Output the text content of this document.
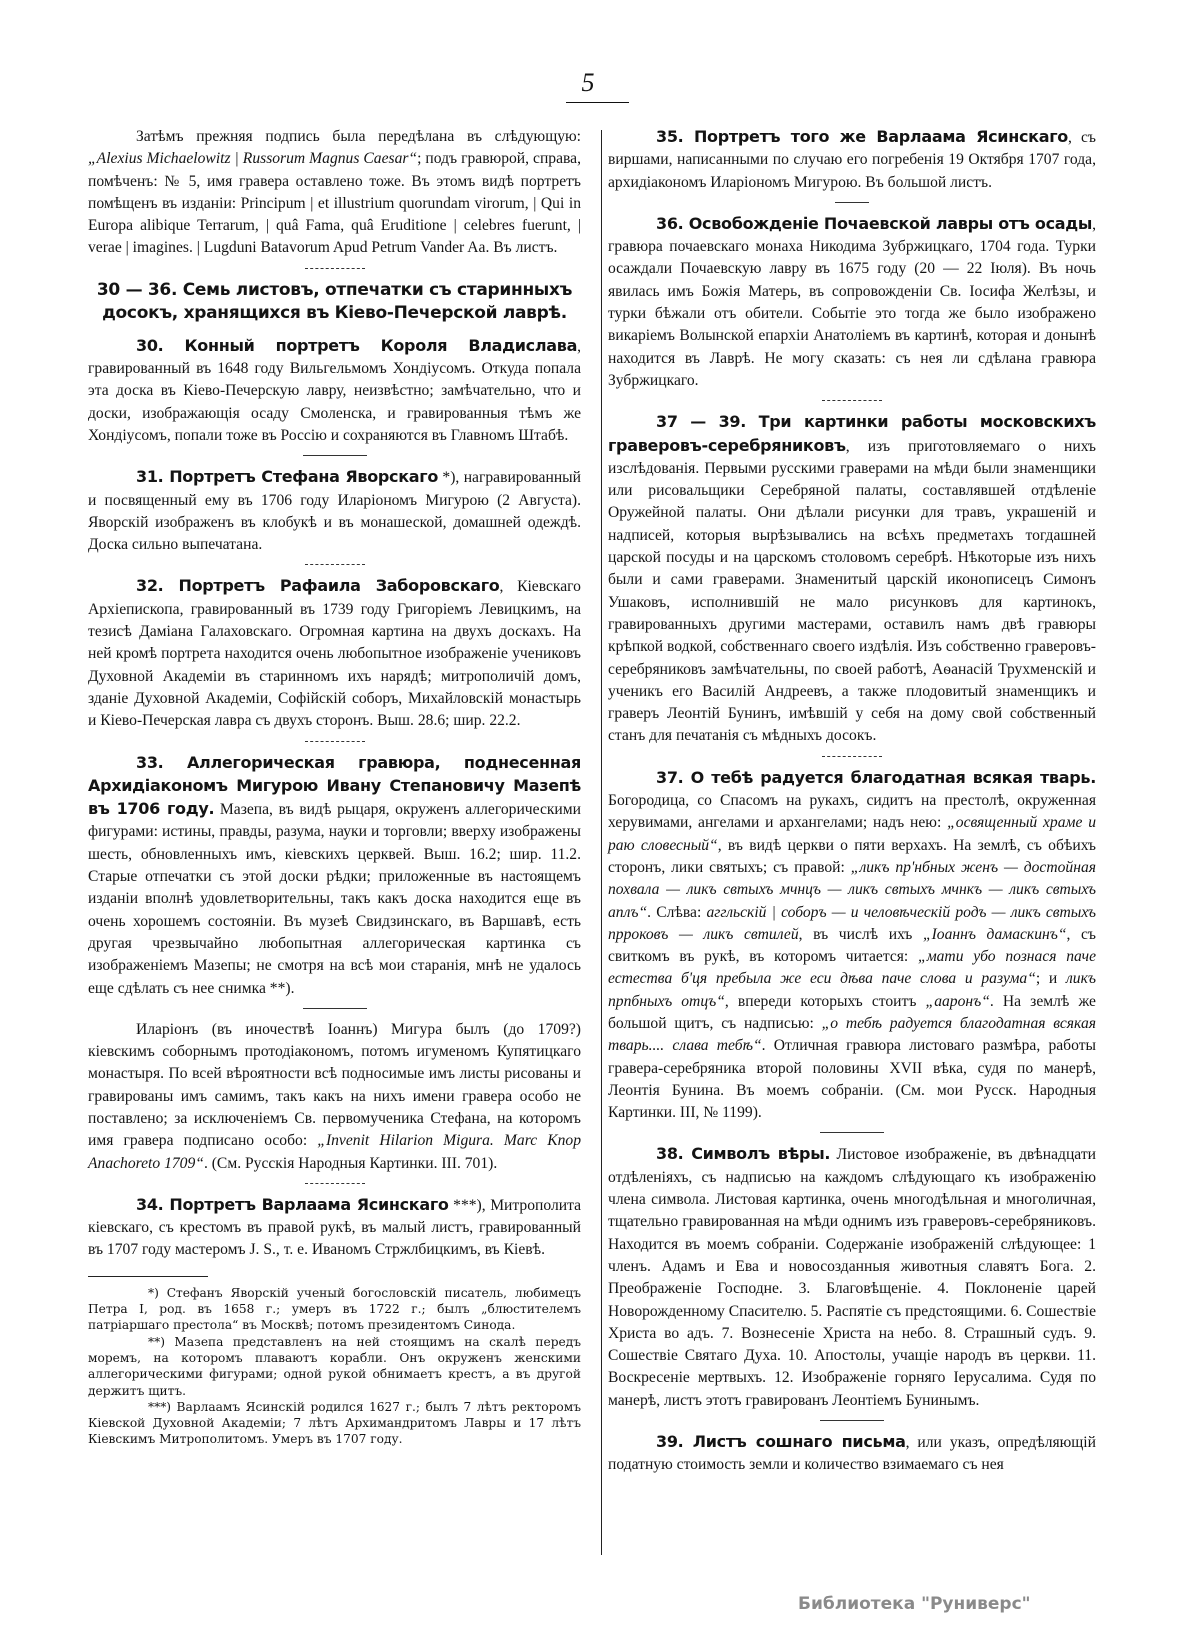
5

Затѣмъ прежняя подпись была передѣлана въ слѣдующую: „Alexius Michaelowitz | Russorum Magnus Caesar“; подъ гравюрой, справа, помѣченъ: № 5, имя гравера оставлено тоже. Въ этомъ видѣ портретъ помѣщенъ въ изданіи: Principum | et illustrium quorundam virorum, | Qui in Europa alibique Terrarum, | quâ Fama, quâ Eruditione | celebres fuerunt, | verae | imagines. | Lugduni Batavorum Apud Petrum Vander Aa. Въ листъ.

30 — 36. Семь листовъ, отпечатки съ старинныхъ досокъ, хранящихся въ Кіево-Печерской лаврѣ.

30. Конный портретъ Короля Владислава, гравированный въ 1648 году Вильгельмомъ Хондіусомъ. Откуда попала эта доска въ Кіево-Печерскую лавру, неизвѣстно; замѣчательно, что и доски, изображающія осаду Смоленска, и гравированныя тѣмъ же Хондіусомъ, попали тоже въ Россію и сохраняются въ Главномъ Штабѣ.

31. Портретъ Стефана Яворскаго *), награвированный и посвященный ему въ 1706 году Иларіономъ Мигурою (2 Августа). Яворскій изображенъ въ клобукѣ и въ монашеской, домашней одеждѣ. Доска сильно выпечатана.

32. Портретъ Рафаила Заборовскаго, Кіевскаго Архіепископа, гравированный въ 1739 году Григоріемъ Левицкимъ, на тезисѣ Даміана Галаховскаго. Огромная картина на двухъ доскахъ. На ней кромѣ портрета находится очень любопытное изображеніе учениковъ Духовной Академіи въ старинномъ ихъ нарядѣ; митрополичій домъ, зданіе Духовной Академіи, Софійскій соборъ, Михайловскій монастырь и Кіево-Печерская лавра съ двухъ сторонъ. Выш. 28.6; шир. 22.2.

33. Аллегорическая гравюра, поднесенная Архидіакономъ Мигурою Ивану Степановичу Мазепѣ въ 1706 году. Мазепа, въ видѣ рыцаря, окруженъ аллегорическими фигурами: истины, правды, разума, науки и торговли; вверху изображены шесть, обновленныхъ имъ, кіевскихъ церквей. Выш. 16.2; шир. 11.2. Старые отпечатки съ этой доски рѣдки; приложенные въ настоящемъ изданіи вполнѣ удовлетворительны, такъ какъ доска находится еще въ очень хорошемъ состояніи. Въ музеѣ Свидзинскаго, въ Варшавѣ, есть другая чрезвычайно любопытная аллегорическая картинка съ изображеніемъ Мазепы; не смотря на всѣ мои старанія, мнѣ не удалось еще сдѣлать съ нее снимка **).

Иларіонъ (въ иночествѣ Іоаннъ) Мигура былъ (до 1709?) кіевскимъ соборнымъ протодіакономъ, потомъ игуменомъ Купятицкаго монастыря. По всей вѣроятности всѣ подносимые имъ листы рисованы и гравированы имъ самимъ, такъ какъ на нихъ имени гравера особо не поставлено; за исключеніемъ Св. первомученика Стефана, на которомъ имя гравера подписано особо: „Invenit Hilarion Migura. Marc Knop Anachoreto 1709“. (См. Русскія Народныя Картинки. III. 701).

34. Портретъ Варлаама Ясинскаго ***), Митрополита кіевскаго, съ крестомъ въ правой рукѣ, въ малый листъ, гравированный въ 1707 году мастеромъ J. S., т. е. Иваномъ Стржлбицкимъ, въ Кіевѣ.

*) Стефанъ Яворскій ученый богословскій писатель, любимецъ Петра I, род. въ 1658 г.; умеръ въ 1722 г.; былъ „блюстителемъ патріаршаго престола“ въ Москвѣ; потомъ президентомъ Синода.

**) Мазепа представленъ на ней стоящимъ на скалѣ передъ моремъ, на которомъ плаваютъ корабли. Онъ окруженъ женскими аллегорическими фигурами; одной рукой обнимаетъ крестъ, а въ другой держитъ щитъ.

***) Варлаамъ Ясинскій родился 1627 г.; былъ 7 лѣтъ ректоромъ Кіевской Духовной Академіи; 7 лѣтъ Архимандритомъ Лавры и 17 лѣтъ Кіевскимъ Митрополитомъ. Умеръ въ 1707 году.

35. Портретъ того же Варлаама Ясинскаго, съ виршами, написанными по случаю его погребенія 19 Октября 1707 года, архидіакономъ Иларіономъ Мигурою. Въ большой листъ.

36. Освобожденіе Почаевской лавры отъ осады, гравюра почаевскаго монаха Никодима Зубржицкаго, 1704 года. Турки осаждали Почаевскую лавру въ 1675 году (20 — 22 Іюля). Въ ночь явилась имъ Божія Матерь, въ сопровожденіи Св. Іосифа Желѣзы, и турки бѣжали отъ обители. Событіе это тогда же было изображено викаріемъ Волынской епархіи Анатоліемъ въ картинѣ, которая и донынѣ находится въ Лаврѣ. Не могу сказать: съ нея ли сдѣлана гравюра Зубржицкаго.

37 — 39. Три картинки работы московскихъ граверовъ-серебряниковъ, изъ приготовляемаго о нихъ изслѣдованія. Первыми русскими граверами на мѣди были знаменщики или рисовальщики Серебряной палаты, составлявшей отдѣленіе Оружейной палаты. Они дѣлали рисунки для травъ, украшеній и надписей, которыя вырѣзывались на всѣхъ предметахъ тогдашней царской посуды и на царскомъ столовомъ серебрѣ. Нѣкоторые изъ нихъ были и сами граверами. Знаменитый царскій иконописецъ Симонъ Ушаковъ, исполнившій не мало рисунковъ для картинокъ, гравированныхъ другими мастерами, оставилъ намъ двѣ гравюры крѣпкой водкой, собственнаго своего издѣлія. Изъ собственно граверовъ-серебряниковъ замѣчательны, по своей работѣ, Аѳанасій Трухменскій и ученикъ его Василій Андреевъ, а также плодовитый знаменщикъ и граверъ Леонтій Бунинъ, имѣвшій у себя на дому свой собственный станъ для печатанія съ мѣдныхъ досокъ.

37. О тебѣ радуется благодатная всякая тварь. Богородица, со Спасомъ на рукахъ, сидитъ на престолѣ, окруженная херувимами, ангелами и архангелами; надъ нею: „освященный храме и раю словесный“, въ видѣ церкви о пяти верхахъ. На землѣ, съ обѣихъ сторонъ, лики святыхъ; съ правой: „ликъ пр'нбных женъ — достойная похвала — ликъ свтыхъ мчнцъ — ликъ свтыхъ мчнкъ — ликъ свтыхъ аплъ“. Слѣва: аггльскій | соборъ — и человѣческій родъ — ликъ свтыхъ прроковъ — ликъ свтилей, въ числѣ ихъ „Іоаннъ дамаскинъ“, съ свиткомъ въ рукѣ, въ которомъ читается: „мати убо познася паче естества б'ця пребыла же еси дѣва паче слова и разума“; и ликъ прпбныхъ отцъ“, впереди которыхъ стоитъ „ааронъ“. На землѣ же большой щитъ, съ надписью: „о тебѣ радуется благодатная всякая тварь.... слава тебѣ“. Отличная гравюра листоваго размѣра, работы гравера-серебряника второй половины XVII вѣка, судя по манерѣ, Леонтія Бунина. Въ моемъ собраніи. (См. мои Русск. Народныя Картинки. III, № 1199).

38. Символъ вѣры. Листовое изображеніе, въ двѣнадцати отдѣленіяхъ, съ надписью на каждомъ слѣдующаго къ изображенію члена символа. Листовая картинка, очень многодѣльная и многоличная, тщательно гравированная на мѣди однимъ изъ граверовъ-серебряниковъ. Находится въ моемъ собраніи. Содержаніе изображеній слѣдующее: 1 членъ. Адамъ и Ева и новосозданныя животныя славятъ Бога. 2. Преображеніе Господне. 3. Благовѣщеніе. 4. Поклоненіе царей Новорожденному Спасителю. 5. Распятіе съ предстоящими. 6. Сошествіе Христа во адъ. 7. Вознесеніе Христа на небо. 8. Страшный судъ. 9. Сошествіе Святаго Духа. 10. Апостолы, учащіе народъ въ церкви. 11. Воскресеніе мертвыхъ. 12. Изображеніе горняго Іерусалима. Судя по манерѣ, листъ этотъ гравированъ Леонтіемъ Бунинымъ.

39. Листъ сошнаго письма, или указъ, опредѣляющій податную стоимость земли и количество взимаемаго съ нея

Библиотека "Руниверс"
